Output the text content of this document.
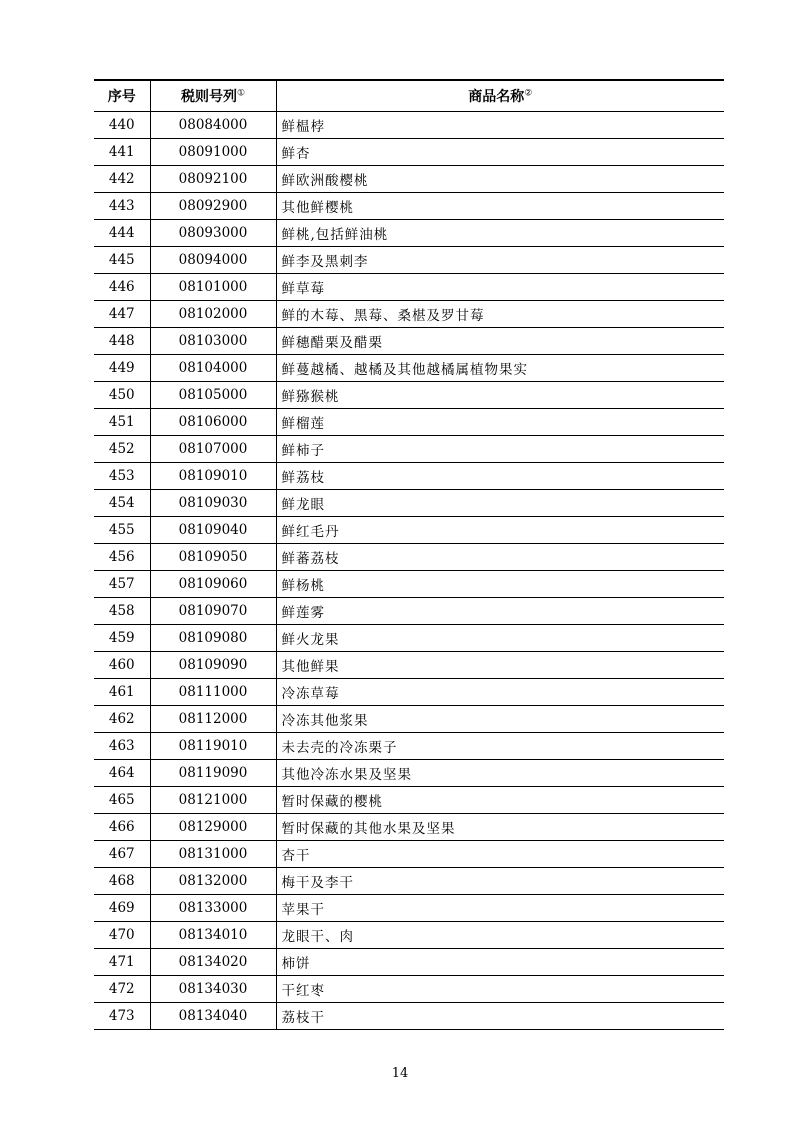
序号	税则号列①	商品名称②
440	08084000	鲜榅桲
441	08091000	鲜杏
442	08092100	鲜欧洲酸樱桃
443	08092900	其他鲜樱桃
444	08093000	鲜桃,包括鲜油桃
445	08094000	鲜李及黑刺李
446	08101000	鲜草莓
447	08102000	鲜的木莓、黑莓、桑椹及罗甘莓
448	08103000	鲜穗醋栗及醋栗
449	08104000	鲜蔓越橘、越橘及其他越橘属植物果实
450	08105000	鲜猕猴桃
451	08106000	鲜榴莲
452	08107000	鲜柿子
453	08109010	鲜荔枝
454	08109030	鲜龙眼
455	08109040	鲜红毛丹
456	08109050	鲜蕃荔枝
457	08109060	鲜杨桃
458	08109070	鲜莲雾
459	08109080	鲜火龙果
460	08109090	其他鲜果
461	08111000	冷冻草莓
462	08112000	冷冻其他浆果
463	08119010	未去壳的冷冻栗子
464	08119090	其他冷冻水果及坚果
465	08121000	暂时保藏的樱桃
466	08129000	暂时保藏的其他水果及坚果
467	08131000	杏干
468	08132000	梅干及李干
469	08133000	苹果干
470	08134010	龙眼干、肉
471	08134020	柿饼
472	08134030	干红枣
473	08134040	荔枝干
14
